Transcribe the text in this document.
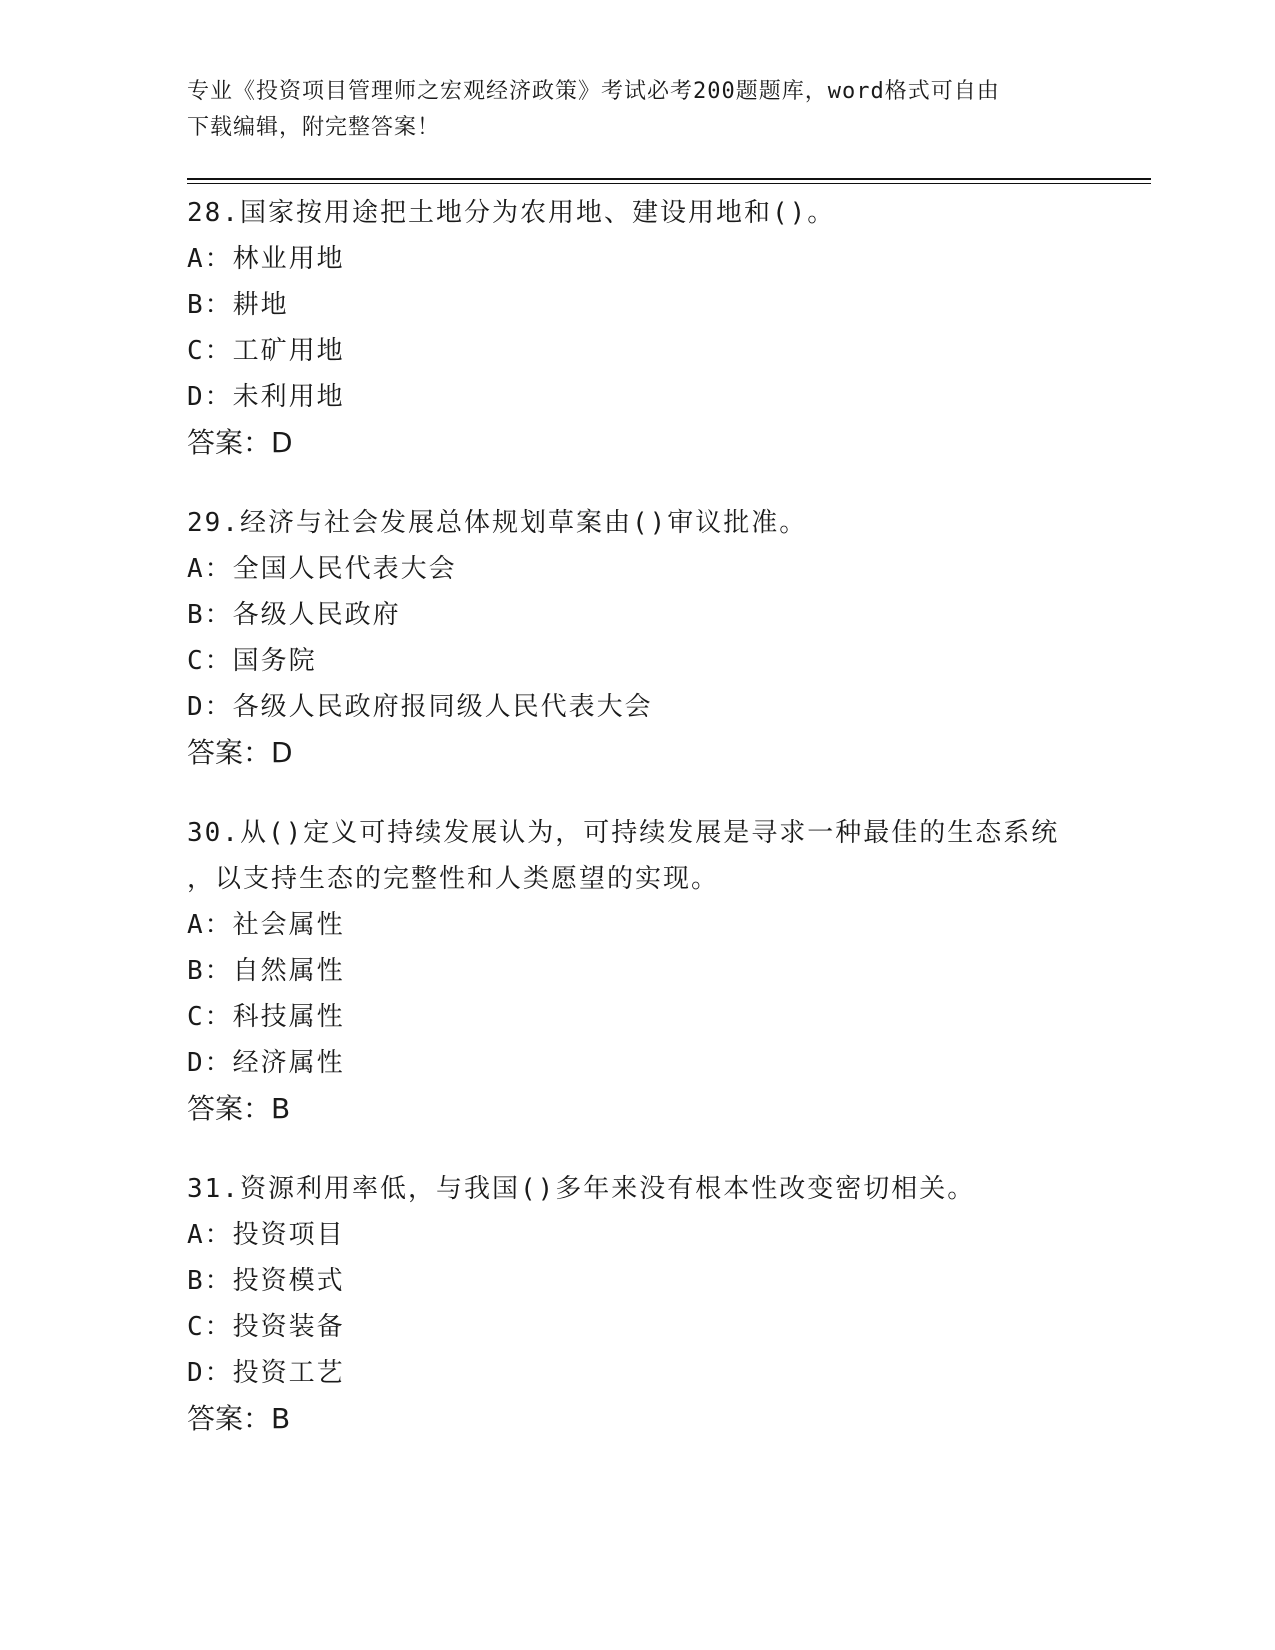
专业《投资项目管理师之宏观经济政策》考试必考200题题库，word格式可自由
下载编辑，附完整答案！
28.国家按用途把土地分为农用地、建设用地和()。
A：林业用地
B：耕地
C：工矿用地
D：未利用地
答案：D
29.经济与社会发展总体规划草案由()审议批准。
A：全国人民代表大会
B：各级人民政府
C：国务院
D：各级人民政府报同级人民代表大会
答案：D
30.从()定义可持续发展认为，可持续发展是寻求一种最佳的生态系统
，以支持生态的完整性和人类愿望的实现。
A：社会属性
B：自然属性
C：科技属性
D：经济属性
答案：B
31.资源利用率低，与我国()多年来没有根本性改变密切相关。
A：投资项目
B：投资模式
C：投资装备
D：投资工艺
答案：B
